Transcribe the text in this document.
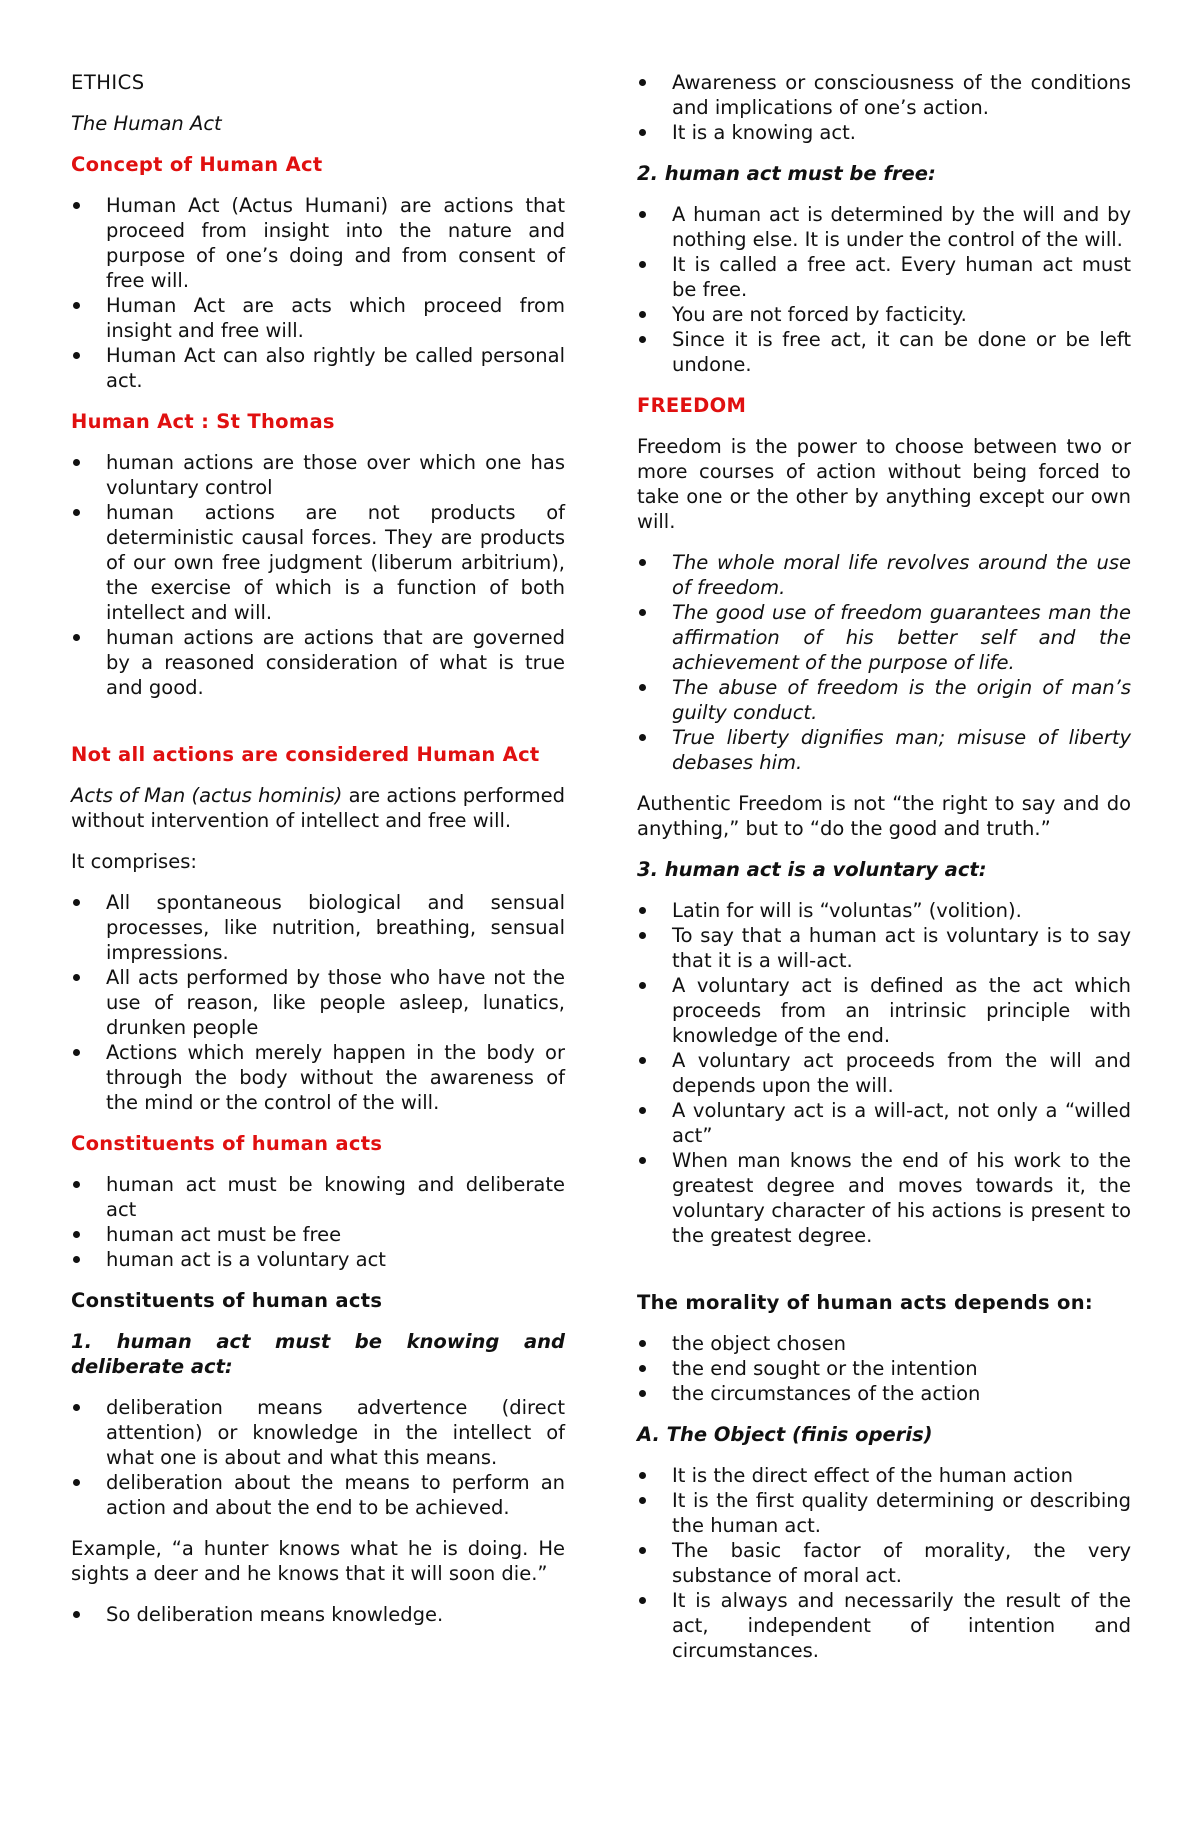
ETHICS
The Human Act
Concept of Human Act
Human Act (Actus Humani) are actions that proceed from insight into the nature and purpose of one’s doing and from consent of free will.
Human Act are acts which proceed from insight and free will.
Human Act can also rightly be called personal act.
Human Act : St Thomas
human actions are those over which one has voluntary control
human actions are not products of deterministic causal forces. They are products of our own free judgment (liberum arbitrium), the exercise of which is a function of both intellect and will.
human actions are actions that are governed by a reasoned consideration of what is true and good.
Not all actions are considered Human Act

Acts of Man (actus hominis) are actions performed without intervention of intellect and free will.

It comprises:

All spontaneous biological and sensual processes, like nutrition, breathing, sensual impressions.
All acts performed by those who have not the use of reason, like people asleep, lunatics, drunken people
Actions which merely happen in the body or through the body without the awareness of the mind or the control of the will.
Constituents of human acts
human act must be knowing and deliberate act
human act must be free
human act is a voluntary act
Constituents of human acts
1. human act must be knowing and deliberate act:
deliberation means advertence (direct attention) or knowledge in the intellect of what one is about and what this means.
deliberation about the means to perform an action and about the end to be achieved.

Example, “a hunter knows what he is doing. He sights a deer and he knows that it will soon die.”

So deliberation means knowledge.
Awareness or consciousness of the conditions and implications of one’s action.
It is a knowing act.
2. human act must be free:
A human act is determined by the will and by nothing else. It is under the control of the will.
It is called a free act. Every human act must be free.
You are not forced by facticity.
Since it is free act, it can be done or be left undone.
FREEDOM

Freedom is the power to choose between two or more courses of action without being forced to take one or the other by anything except our own will.

The whole moral life revolves around the use of freedom.
The good use of freedom guarantees man the affirmation of his better self and the achievement of the purpose of life.
The abuse of freedom is the origin of man’s guilty conduct.
True liberty dignifies man; misuse of liberty debases him.

Authentic Freedom is not “the right to say and do anything,” but to “do the good and truth.”

3. human act is a voluntary act:
Latin for will is “voluntas” (volition).
To say that a human act is voluntary is to say that it is a will-act.
A voluntary act is defined as the act which proceeds from an intrinsic principle with knowledge of the end.
A voluntary act proceeds from the will and depends upon the will.
A voluntary act is a will-act, not only a “willed act”
When man knows the end of his work to the greatest degree and moves towards it, the voluntary character of his actions is present to the greatest degree.
The morality of human acts depends on:
the object chosen
the end sought or the intention
the circumstances of the action
A. The Object (finis operis)
It is the direct effect of the human action
It is the first quality determining or describing the human act.
The basic factor of morality, the very substance of moral act.
It is always and necessarily the result of the act, independent of intention and circumstances.
